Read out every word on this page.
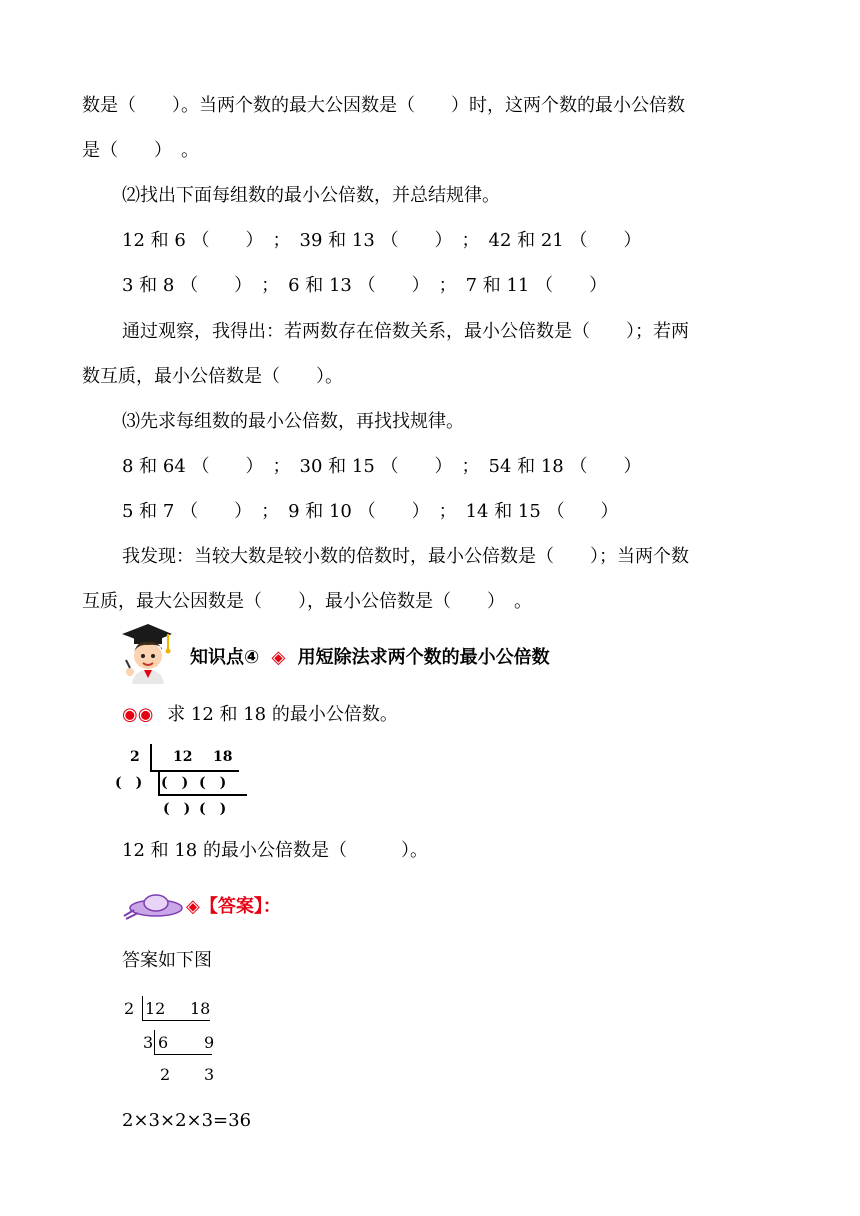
数是（　　）。当两个数的最大公因数是（　　）时，这两个数的最小公倍数
是（　　）　。
⑵找出下面每组数的最小公倍数，并总结规律。
12 和 6 （　　）　；　39 和 13 （　　）　；　42 和 21 （　　）
3 和 8 （　　）　；　6 和 13 （　　）　；　7 和 11 （　　）
通过观察，我得出：若两数存在倍数关系，最小公倍数是（　　）；若两
数互质，最小公倍数是（　　）。
⑶先求每组数的最小公倍数，再找找规律。
8 和 64 （　　）　；　30 和 15 （　　）　；　54 和 18 （　　）
5 和 7 （　　）　；　9 和 10 （　　）　；　14 和 15 （　　）
我发现：当较大数是较小数的倍数时，最小公倍数是（　　）；当两个数
互质，最大公因数是（　　），最小公倍数是（　　）　。
知识点④ ◈ 用短除法求两个数的最小公倍数
◉◉ 求 12 和 18 的最小公倍数。
2 12 18
(　) (　) (　)
(　) (　)
12 和 18 的最小公倍数是（　　　）。
◈【答案】：
答案如下图
2 12 18
3 6 9
2 3
2×3×2×3=36
